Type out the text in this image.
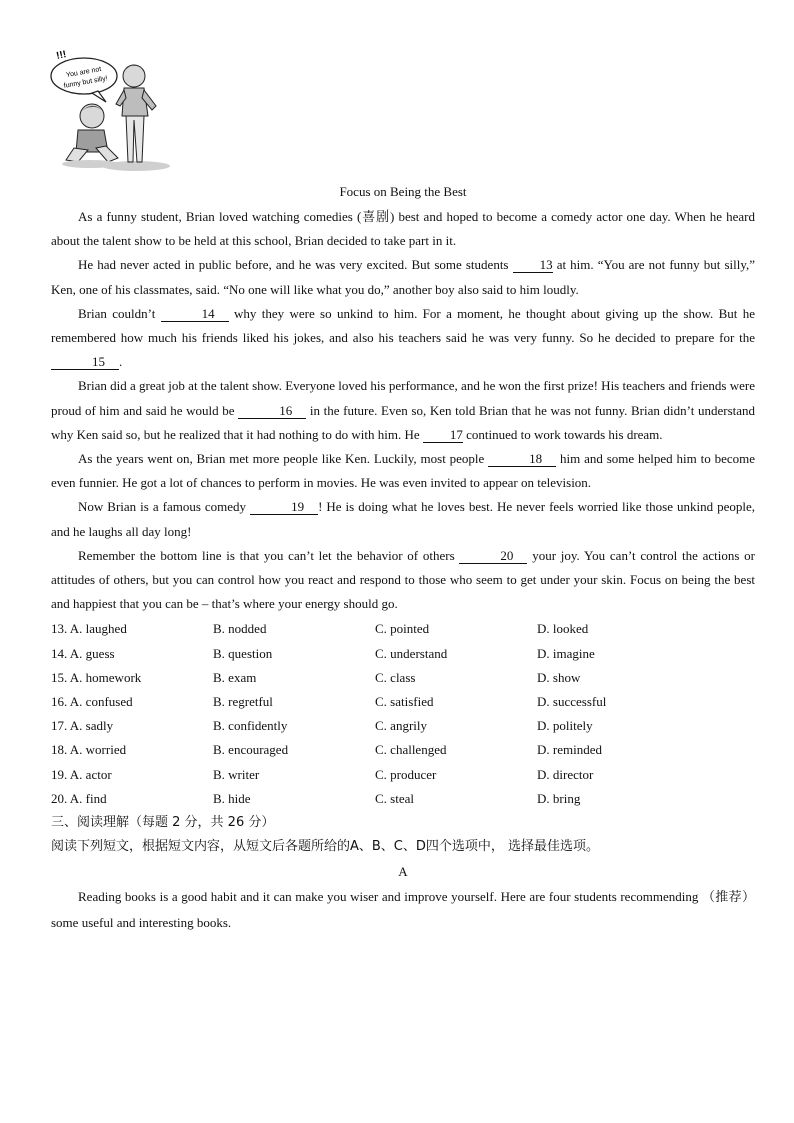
!!!
You are not
funny but silly!
Focus on Being the Best

As a funny student, Brian loved watching comedies (喜剧) best and hoped to become a comedy actor one day. When he heard about the talent show to be held at this school, Brian decided to take part in it.

He had never acted in public before, and he was very excited. But some students 13 at him. “You are not funny but silly,” Ken, one of his classmates, said. “No one will like what you do,” another boy also said to him loudly.

Brian couldn’t	14 why they were so unkind to him. For a moment, he thought about giving up the show. But he remembered how much his friends liked his jokes, and also his teachers said he was very funny. So he decided to prepare for the 15 .

Brian did a great job at the talent show. Everyone loved his performance, and he won the first prize! His teachers and friends were proud of him and said he would be	16 in the future. Even so, Ken told Brian that he was not funny. Brian didn’t understand why Ken said so, but he realized that it had nothing to do with him. He 17 continued to work towards his dream.

As the years went on, Brian met more people like Ken. Luckily, most people	18 him and some helped him to become even funnier. He got a lot of chances to perform in movies. He was even invited to appear on television.

Now Brian is a famous comedy	19 ! He is doing what he loves best. He never feels worried like those unkind people, and he laughs all day long!

Remember the bottom line is that you can’t let the behavior of others	20 your joy. You can’t control the actions or attitudes of others, but you can control how you react and respond to those who seem to get under your skin. Focus on being the best and happiest that you can be – that’s where your energy should go.

13. A. laughed	B. nodded	C. pointed	D. looked
14. A. guess	B. question	C. understand	D. imagine
15. A. homework	B. exam	C. class	D. show
16. A. confused	B. regretful	C. satisfied	D. successful
17. A. sadly	B. confidently	C. angrily	D. politely
18. A. worried	B. encouraged	C. challenged	D. reminded
19. A. actor	B. writer	C. producer	D. director
20. A. find	B. hide	C. steal	D. bring

三、阅读理解（每题 2 分，共 26 分）

阅读下列短文，根据短文内容，从短文后各题所给的A、B、C、D四个选项中， 选择最佳选项。

A

Reading books is a good habit and it can make you wiser and improve yourself. Here are four students recommending （推荐） some useful and interesting books.
